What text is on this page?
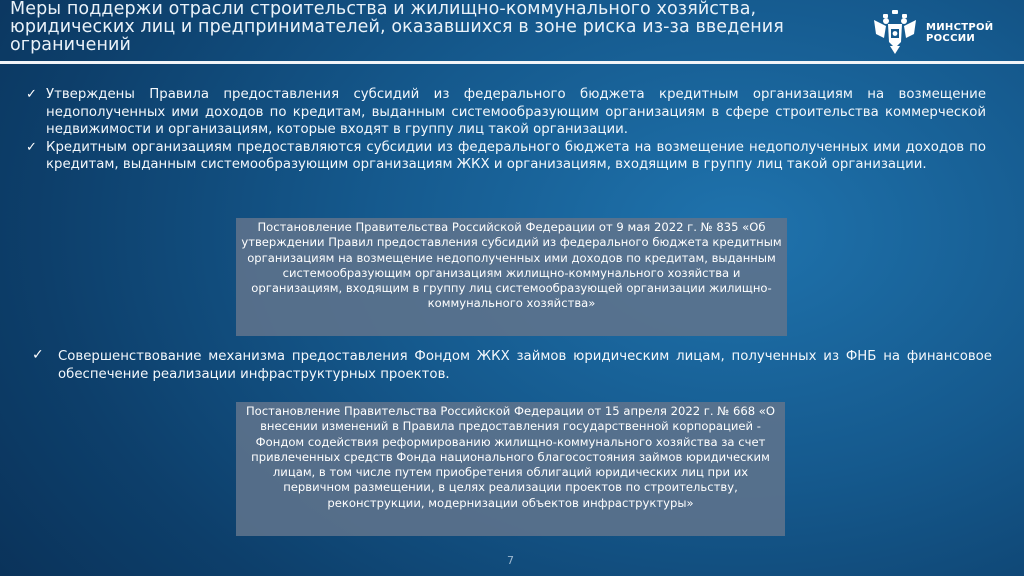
Меры поддержи отрасли строительства и жилищно-коммунального хозяйства, юридических лиц и предпринимателей, оказавшихся в зоне риска из-за введения ограничений
МИНСТРОЙ
РОССИИ
✓ Утверждены Правила предоставления субсидий из федерального бюджета кредитным организациям на возмещение недополученных ими доходов по кредитам, выданным системообразующим организациям в сфере строительства коммерческой недвижимости и организациям, которые входят в группу лиц такой организации.
✓ Кредитным организациям предоставляются субсидии из федерального бюджета на возмещение недополученных ими доходов по кредитам, выданным системообразующим организациям ЖКХ и организациям, входящим в группу лиц такой организации.
Постановление Правительства Российской Федерации от 9 мая 2022 г. № 835 «Об утверждении Правил предоставления субсидий из федерального бюджета кредитным организациям на возмещение недополученных ими доходов по кредитам, выданным системообразующим организациям жилищно-коммунального хозяйства и организациям, входящим в группу лиц системообразующей организации жилищно-коммунального хозяйства»
✓	Совершенствование механизма предоставления Фондом ЖКХ займов юридическим лицам, полученных из ФНБ на финансовое обеспечение реализации инфраструктурных проектов.
Постановление Правительства Российской Федерации от 15 апреля 2022 г. № 668 «О внесении изменений в Правила предоставления государственной корпорацией - Фондом содействия реформированию жилищно-коммунального хозяйства за счет привлеченных средств Фонда национального благосостояния займов юридическим лицам, в том числе путем приобретения облигаций юридических лиц при их первичном размещении, в целях реализации проектов по строительству, реконструкции, модернизации объектов инфраструктуры»
7
